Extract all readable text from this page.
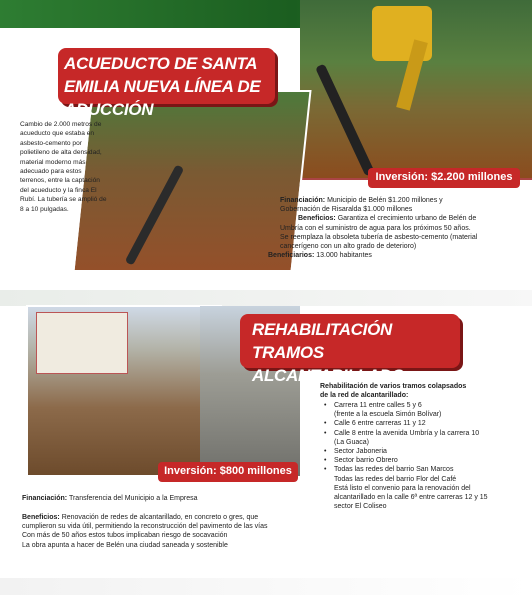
ACUEDUCTO DE SANTA EMILIA NUEVA LÍNEA DE ADUCCIÓN
Cambio de 2.000 metros de acueducto que estaba en asbesto-cemento por polietileno de alta densidad, material moderno más adecuado para estos terrenos, entre la captación del acueducto y la finca El Rubí. La tubería se amplió de 8 a 10 pulgadas.
Inversión: $2.200 millones
Financiación: Municipio de Belén $1.200 millones y
Gobernación de Risaralda $1.000 millones
Beneficios: Garantiza el crecimiento urbano de Belén de
Umbría con el suministro de agua para los próximos 50 años.
Se reemplaza la obsoleta tubería de asbesto-cemento (material
cancerígeno con un alto grado de deterioro)
Beneficiarios: 13.000 habitantes
REHABILITACIÓN TRAMOS ALCANTARILLADO
Inversión: $800 millones
Rehabilitación de varios tramos colapsados de la red de alcantarillado:
• Carrera 11 entre calles 5 y 6
(frente a la escuela Simón Bolívar)
• Calle 6 entre carreras 11 y 12
• Calle 8 entre la avenida Umbría y la carrera 10
(La Guaca)
• Sector Jaboneria
• Sector barrio Obrero
• Todas las redes del barrio San Marcos
Todas las redes del barrio Flor del Café
Está listo el convenio para la renovación del
alcantarillado en la calle 6ª entre carreras 12 y 15
sector El Coliseo
Financiación: Transferencia del Municipio a la Empresa
Beneficios: Renovación de redes de alcantarillado, en concreto o gres, que cumplieron su vida útil, permitiendo la reconstrucción del pavimento de las vías
Con más de 50 años estos tubos implicaban riesgo de socavación
La obra apunta a hacer de Belén una ciudad saneada y sostenible
